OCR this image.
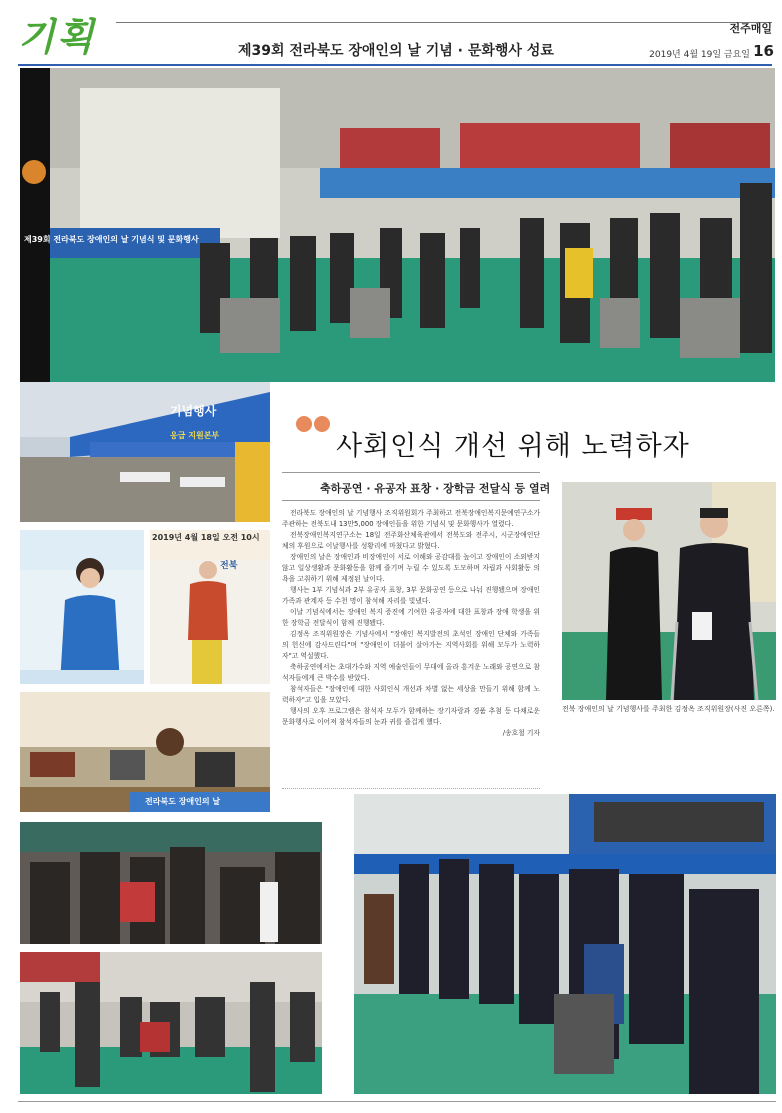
기획	전주매일
제39회 전라북도 장애인의 날 기념 · 문화행사 성료	2019년 4월 19일 금요일 16
제39회 전라북도 장애인의 날 기념식 및 문화행사
기념행사
응급 지원본부
2019년 4월 18일 오전 10시
전북
전라북도 장애인의 날
사회인식 개선 위해 노력하자
축하공연 · 유공자 표창 · 장학금 전달식 등 열려

전라북도 장애인의 날 기념행사 조직위원회가 주최하고 전북장애인복지문예연구소가 주관하는 전북도내 13만5,000 장애인들을 위한 기념식 및 문화행사가 열렸다.

전북장애인복지연구소는 18일 전주화산체육관에서 전북도와 전주시, 시군장애인단체의 후원으로 이날행사를 성황리에 마쳤다고 밝혔다.

장애인의 날은 장애인과 비장애인이 서로 이해와 공감대를 높이고 장애인이 소외받지 않고 일상생활과 문화활동을 함께 즐기며 누릴 수 있도록 도모하며 자립과 사회활동 의욕을 고취하기 위해 제정된 날이다.

행사는 1부 기념식과 2부 유공자 표창, 3부 문화공연 등으로 나눠 진행됐으며 장애인 가족과 관계자 등 수천 명이 참석해 자리를 빛냈다.

이날 기념식에서는 장애인 복지 증진에 기여한 유공자에 대한 표창과 장애 학생을 위한 장학금 전달식이 함께 진행됐다.

김정옥 조직위원장은 기념사에서 "장애인 복지발전의 초석인 장애인 단체와 가족들의 헌신에 감사드린다"며 "장애인이 더불어 살아가는 지역사회를 위해 모두가 노력하자"고 역설했다.

축하공연에서는 초대가수와 지역 예술인들이 무대에 올라 흥겨운 노래와 공연으로 참석자들에게 큰 박수를 받았다.

참석자들은 "장애인에 대한 사회인식 개선과 차별 없는 세상을 만들기 위해 함께 노력하자"고 입을 모았다.

행사의 오후 프로그램은 참석자 모두가 함께하는 장기자랑과 경품 추첨 등 다채로운 문화행사로 이어져 참석자들의 눈과 귀를 즐겁게 했다.

/송호철 기자
전북 장애인의 날 기념행사를 주최한 김정옥 조직위원장(사진 오른쪽).
